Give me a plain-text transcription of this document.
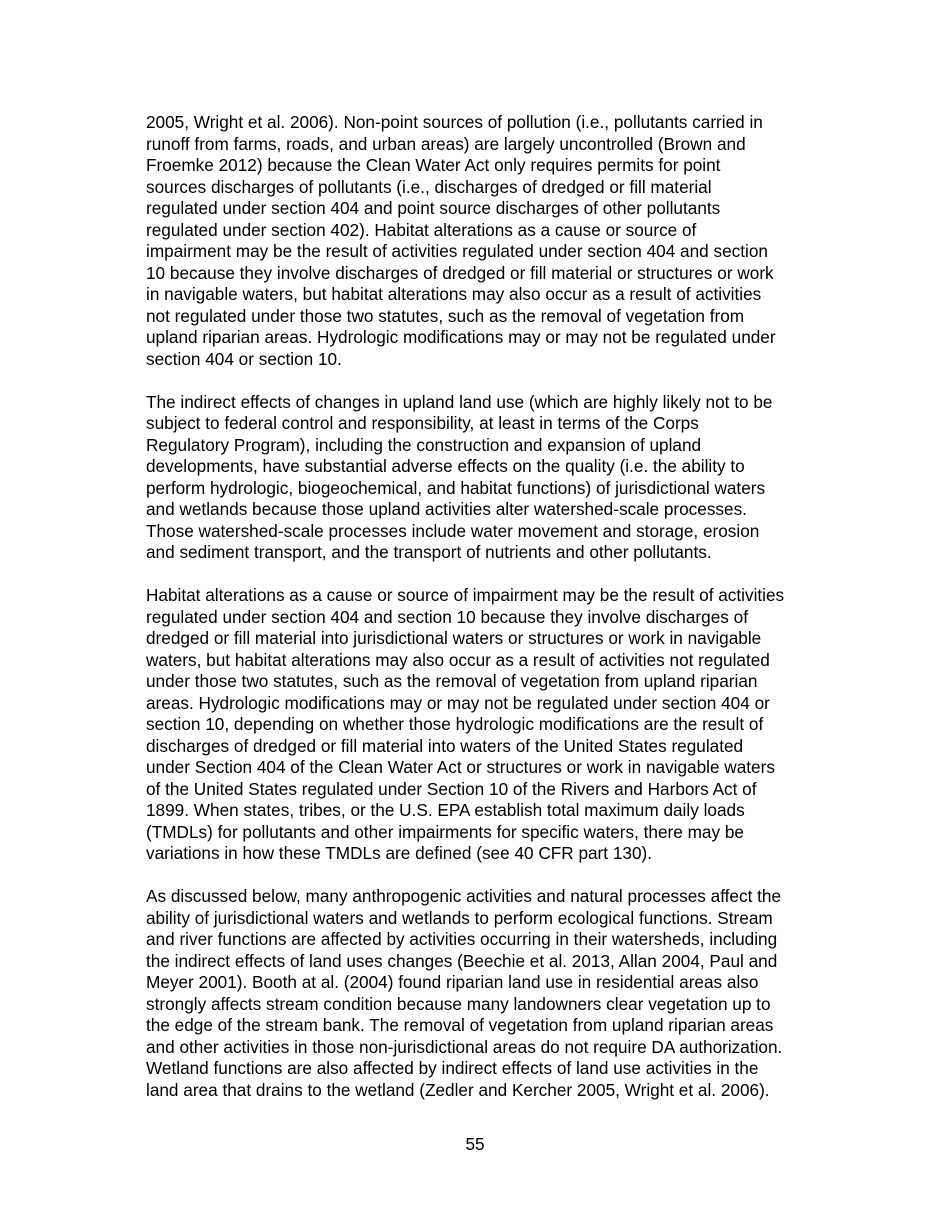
2005, Wright et al. 2006). Non-point sources of pollution (i.e., pollutants carried in
runoff from farms, roads, and urban areas) are largely uncontrolled (Brown and
Froemke 2012) because the Clean Water Act only requires permits for point
sources discharges of pollutants (i.e., discharges of dredged or fill material
regulated under section 404 and point source discharges of other pollutants
regulated under section 402). Habitat alterations as a cause or source of
impairment may be the result of activities regulated under section 404 and section
10 because they involve discharges of dredged or fill material or structures or work
in navigable waters, but habitat alterations may also occur as a result of activities
not regulated under those two statutes, such as the removal of vegetation from
upland riparian areas. Hydrologic modifications may or may not be regulated under
section 404 or section 10.

The indirect effects of changes in upland land use (which are highly likely not to be
subject to federal control and responsibility, at least in terms of the Corps
Regulatory Program), including the construction and expansion of upland
developments, have substantial adverse effects on the quality (i.e. the ability to
perform hydrologic, biogeochemical, and habitat functions) of jurisdictional waters
and wetlands because those upland activities alter watershed-scale processes.
Those watershed-scale processes include water movement and storage, erosion
and sediment transport, and the transport of nutrients and other pollutants.

Habitat alterations as a cause or source of impairment may be the result of activities
regulated under section 404 and section 10 because they involve discharges of
dredged or fill material into jurisdictional waters or structures or work in navigable
waters, but habitat alterations may also occur as a result of activities not regulated
under those two statutes, such as the removal of vegetation from upland riparian
areas. Hydrologic modifications may or may not be regulated under section 404 or
section 10, depending on whether those hydrologic modifications are the result of
discharges of dredged or fill material into waters of the United States regulated
under Section 404 of the Clean Water Act or structures or work in navigable waters
of the United States regulated under Section 10 of the Rivers and Harbors Act of
1899. When states, tribes, or the U.S. EPA establish total maximum daily loads
(TMDLs) for pollutants and other impairments for specific waters, there may be
variations in how these TMDLs are defined (see 40 CFR part 130).

As discussed below, many anthropogenic activities and natural processes affect the
ability of jurisdictional waters and wetlands to perform ecological functions. Stream
and river functions are affected by activities occurring in their watersheds, including
the indirect effects of land uses changes (Beechie et al. 2013, Allan 2004, Paul and
Meyer 2001). Booth at al. (2004) found riparian land use in residential areas also
strongly affects stream condition because many landowners clear vegetation up to
the edge of the stream bank. The removal of vegetation from upland riparian areas
and other activities in those non-jurisdictional areas do not require DA authorization.
Wetland functions are also affected by indirect effects of land use activities in the
land area that drains to the wetland (Zedler and Kercher 2005, Wright et al. 2006).

55
